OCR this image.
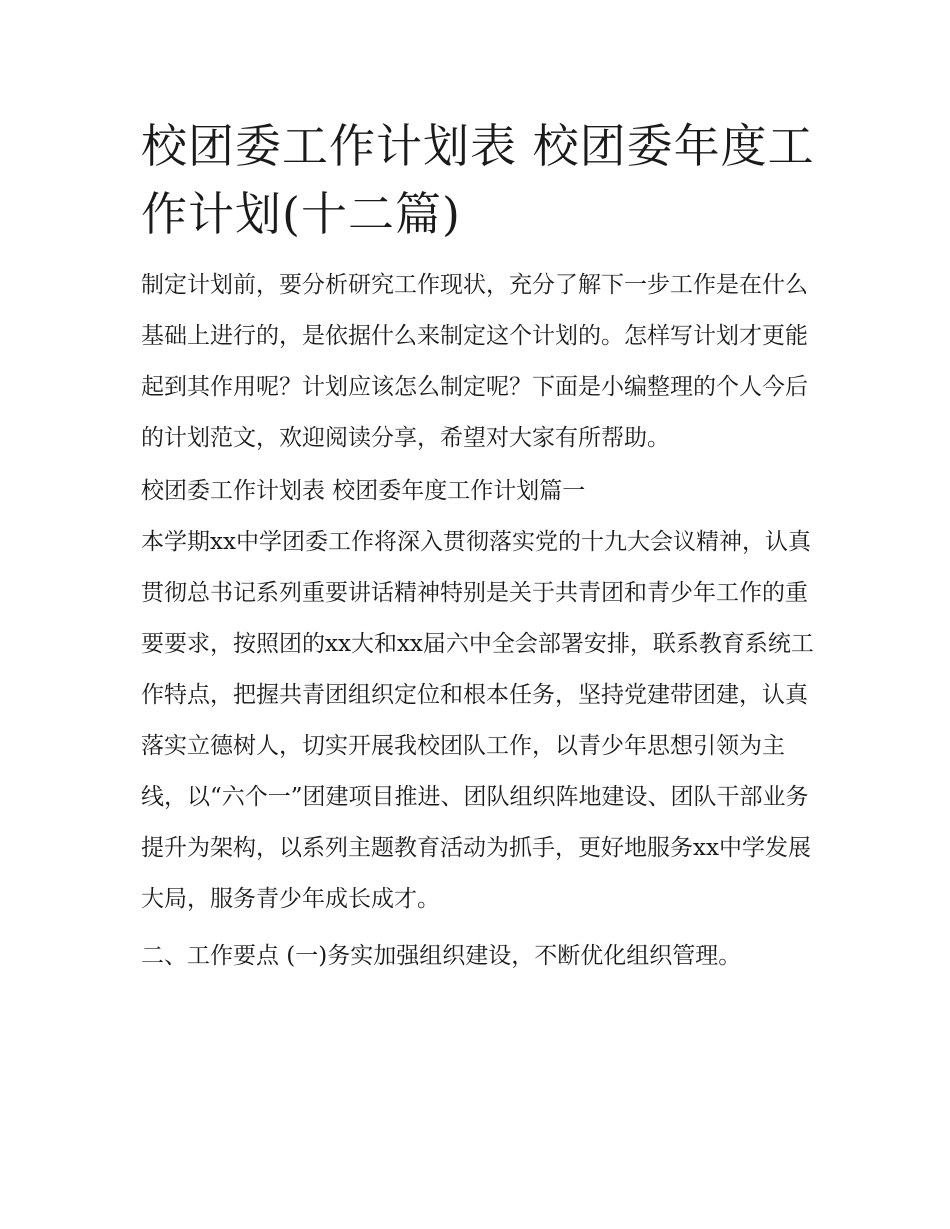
校团委工作计划表 校团委年度工作计划(十二篇)

制定计划前，要分析研究工作现状，充分了解下一步工作是在什么基础上进行的，是依据什么来制定这个计划的。怎样写计划才更能起到其作用呢？计划应该怎么制定呢？下面是小编整理的个人今后的计划范文，欢迎阅读分享，希望对大家有所帮助。

校团委工作计划表 校团委年度工作计划篇一

本学期xx中学团委工作将深入贯彻落实党的十九大会议精神，认真贯彻总书记系列重要讲话精神特别是关于共青团和青少年工作的重要要求，按照团的xx大和xx届六中全会部署安排，联系教育系统工作特点，把握共青团组织定位和根本任务，坚持党建带团建，认真落实立德树人，切实开展我校团队工作，以青少年思想引领为主线，以“六个一”团建项目推进、团队组织阵地建设、团队干部业务提升为架构，以系列主题教育活动为抓手，更好地服务xx中学发展大局，服务青少年成长成才。

二、工作要点 (一)务实加强组织建设，不断优化组织管理。
